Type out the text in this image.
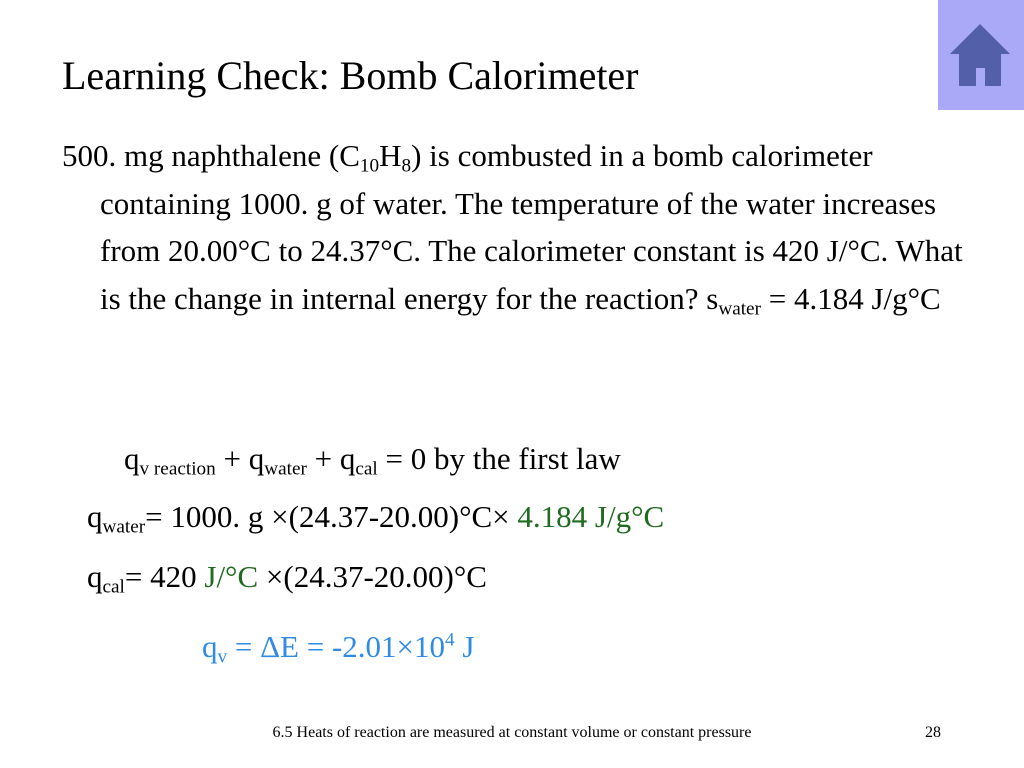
Learning Check: Bomb Calorimeter

500. mg naphthalene $(C_{10}H_8)$ is combusted in a bomb calorimeter containing 1000. g of water. The temperature of the water increases from 20.00°C to 24.37°C. The calorimeter constant is 420 J/°C. What is the change in internal energy for the reaction? $s_{water} = 4.184$ J/g°C

$q_{v reaction} + q_{water} + q_{cal} = 0$ by the first law
$q_{water}= 1000$. g ×(24.37-20.00)°C× 4.184 J/g°C
$q_{cal}= 420$ J/°C ×(24.37-20.00)°C
$q_v = \Delta E = -2.01\times 10^4$ J
6.5 Heats of reaction are measured at constant volume or constant pressure	28
